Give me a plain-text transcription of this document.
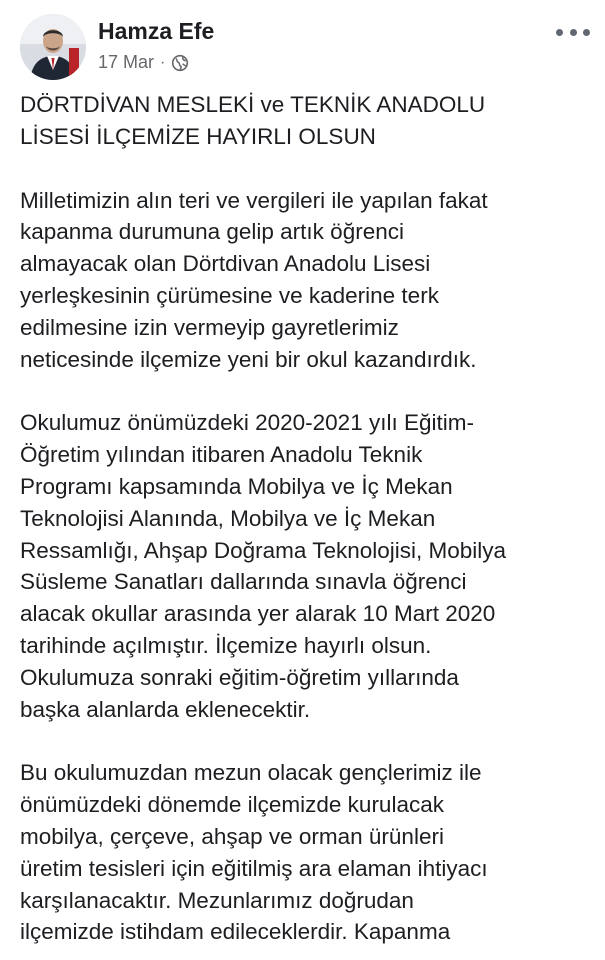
Hamza Efe
17 Mar ·

DÖRTDİVAN MESLEKİ ve TEKNİK ANADOLU
LİSESİ İLÇEMİZE HAYIRLI OLSUN

Milletimizin alın teri ve vergileri ile yapılan fakat
kapanma durumuna gelip artık öğrenci
almayacak olan Dörtdivan Anadolu Lisesi
yerleşkesinin çürümesine ve kaderine terk
edilmesine izin vermeyip gayretlerimiz
neticesinde ilçemize yeni bir okul kazandırdık.

Okulumuz önümüzdeki 2020-2021 yılı Eğitim-
Öğretim yılından itibaren Anadolu Teknik
Programı kapsamında Mobilya ve İç Mekan
Teknolojisi Alanında, Mobilya ve İç Mekan
Ressamlığı, Ahşap Doğrama Teknolojisi, Mobilya
Süsleme Sanatları dallarında sınavla öğrenci
alacak okullar arasında yer alarak 10 Mart 2020
tarihinde açılmıştır. İlçemize hayırlı olsun.
Okulumuza sonraki eğitim-öğretim yıllarında
başka alanlarda eklenecektir.

Bu okulumuzdan mezun olacak gençlerimiz ile
önümüzdeki dönemde ilçemizde kurulacak
mobilya, çerçeve, ahşap ve orman ürünleri
üretim tesisleri için eğitilmiş ara elaman ihtiyacı
karşılanacaktır. Mezunlarımız doğrudan
ilçemizde istihdam edileceklerdir. Kapanma
